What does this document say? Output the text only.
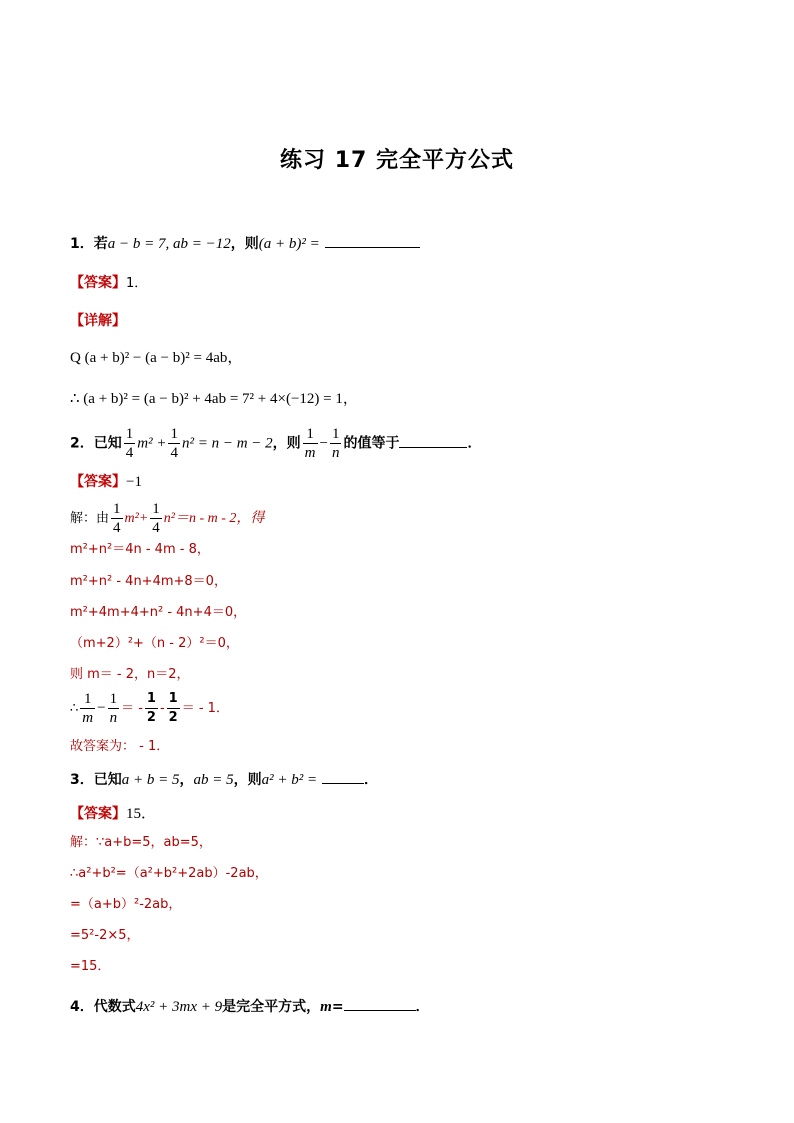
练习 17 完全平方公式
1．若a − b = 7, ab = −12，则(a + b)² =
【答案】1．
【详解】
Q (a + b)² − (a − b)² = 4ab，
∴ (a + b)² = (a − b)² + 4ab = 7² + 4×(−12) = 1，
2．已知 $\frac{1}{4} m^2 + \frac{1}{4} n^2 = n - m - 2$，则 $\frac{1}{m} - \frac{1}{n}$ 的值等于	．
【答案】−1
解：由 $\frac{1}{4} m^2+ \frac{1}{4} n^2=n - m - 2$，得
m²+n²＝4n - 4m - 8，
m²+n² - 4n+4m+8＝0，
m²+4m+4+n² - 4n+4＝0，
（m+2）²+（n - 2）²＝0，
则 m＝ - 2，n＝2，
∴ $\frac{1}{m} - \frac{1}{n}$ ＝ - $\frac{1}{2} - \frac{1}{2}$ ＝ - 1．
故答案为： - 1．
3．已知a + b = 5，ab = 5，则a² + b² =	．
【答案】15．
解：∵a+b=5，ab=5，
∴a²+b²=（a²+b²+2ab）-2ab，
=（a+b）²-2ab，
=5²-2×5，
=15．
4．代数式4x² + 3mx + 9是完全平方式，m=	．
